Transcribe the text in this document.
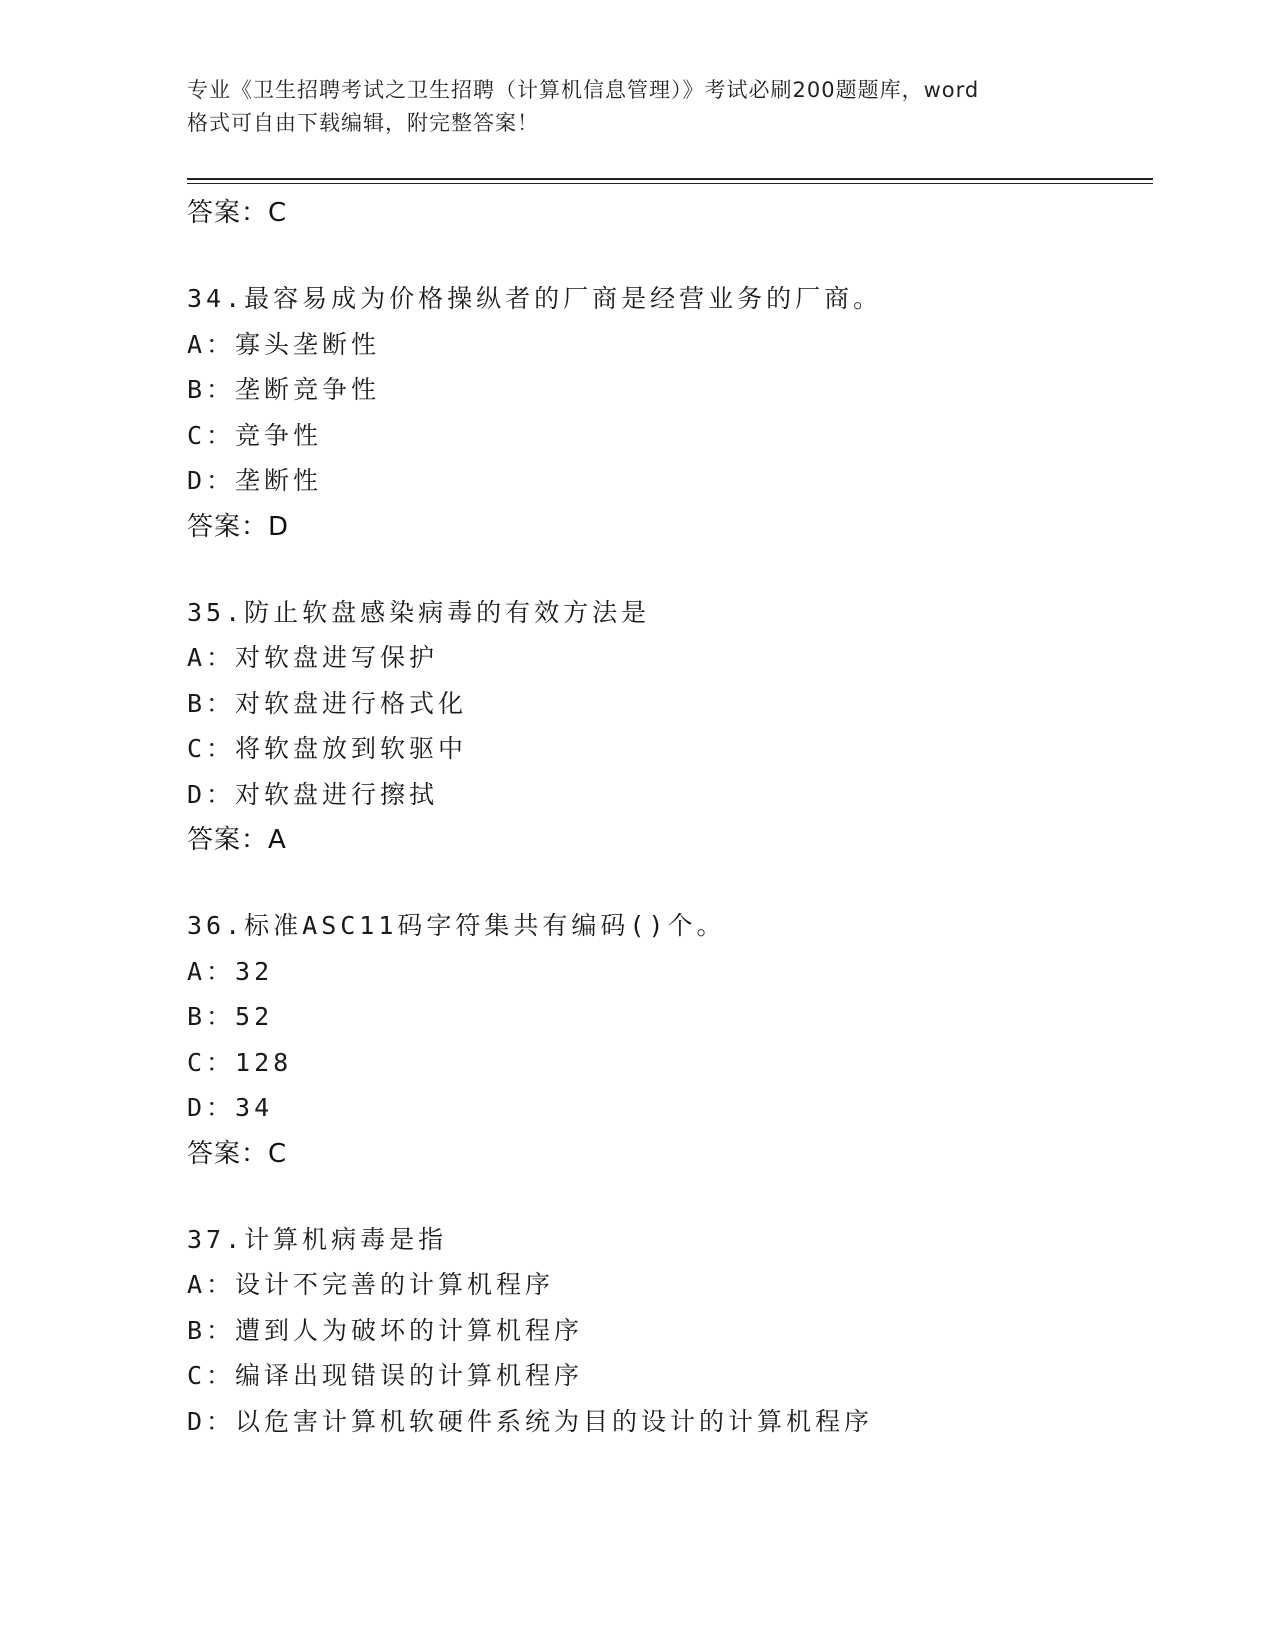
专业《卫生招聘考试之卫生招聘（计算机信息管理）》考试必刷200题题库，word
格式可自由下载编辑，附完整答案！
答案：C
34.最容易成为价格操纵者的厂商是经营业务的厂商。
A：寡头垄断性
B：垄断竞争性
C：竞争性
D：垄断性
答案：D
35.防止软盘感染病毒的有效方法是
A：对软盘进写保护
B：对软盘进行格式化
C：将软盘放到软驱中
D：对软盘进行擦拭
答案：A
36.标准ASC11码字符集共有编码()个。
A：32
B：52
C：128
D：34
答案：C
37.计算机病毒是指
A：设计不完善的计算机程序
B：遭到人为破坏的计算机程序
C：编译出现错误的计算机程序
D：以危害计算机软硬件系统为目的设计的计算机程序
